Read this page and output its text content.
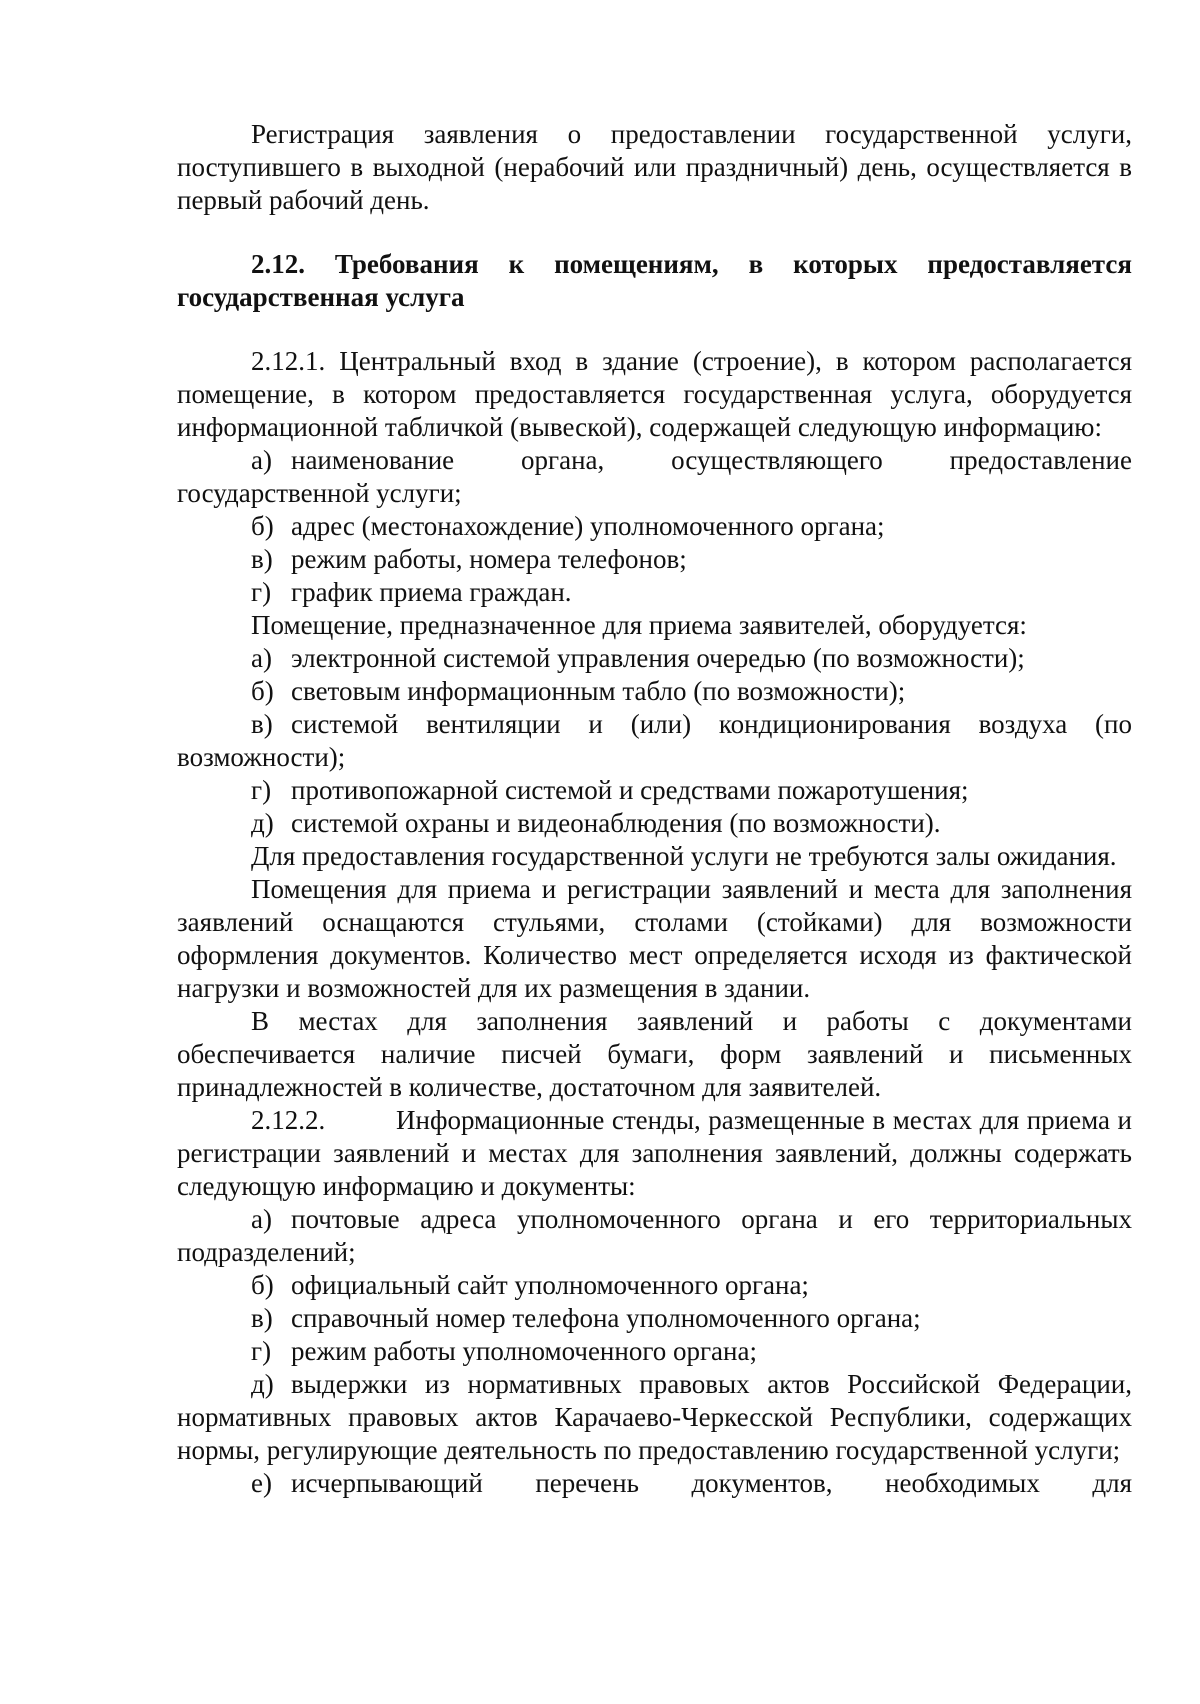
Регистрация заявления о предоставлении государственной услуги, поступившего в выходной (нерабочий или праздничный) день, осуществляется в первый рабочий день.

2.12. Требования к помещениям, в которых предоставляется государственная услуга

2.12.1. Центральный вход в здание (строение), в котором располагается помещение, в котором предоставляется государственная услуга, оборудуется информационной табличкой (вывеской), содержащей следующую информацию:

а) наименование органа, осуществляющего предоставление государственной услуги;

б) адрес (местонахождение) уполномоченного органа;

в) режим работы, номера телефонов;

г) график приема граждан.

Помещение, предназначенное для приема заявителей, оборудуется:

а) электронной системой управления очередью (по возможности);

б) световым информационным табло (по возможности);

в) системой вентиляции и (или) кондиционирования воздуха (по возможности);

г) противопожарной системой и средствами пожаротушения;

д) системой охраны и видеонаблюдения (по возможности).

Для предоставления государственной услуги не требуются залы ожидания.

Помещения для приема и регистрации заявлений и места для заполнения заявлений оснащаются стульями, столами (стойками) для возможности оформления документов. Количество мест определяется исходя из фактической нагрузки и возможностей для их размещения в здании.

В местах для заполнения заявлений и работы с документами обеспечивается наличие писчей бумаги, форм заявлений и письменных принадлежностей в количестве, достаточном для заявителей.

2.12.2.	Информационные стенды, размещенные в местах для приема и регистрации заявлений и местах для заполнения заявлений, должны содержать следующую информацию и документы:

а) почтовые адреса уполномоченного органа и его территориальных подразделений;

б) официальный сайт уполномоченного органа;

в) справочный номер телефона уполномоченного органа;

г) режим работы уполномоченного органа;

д) выдержки из нормативных правовых актов Российской Федерации, нормативных правовых актов Карачаево-Черкесской Республики, содержащих нормы, регулирующие деятельность по предоставлению государственной услуги;

е) исчерпывающий перечень документов, необходимых для
